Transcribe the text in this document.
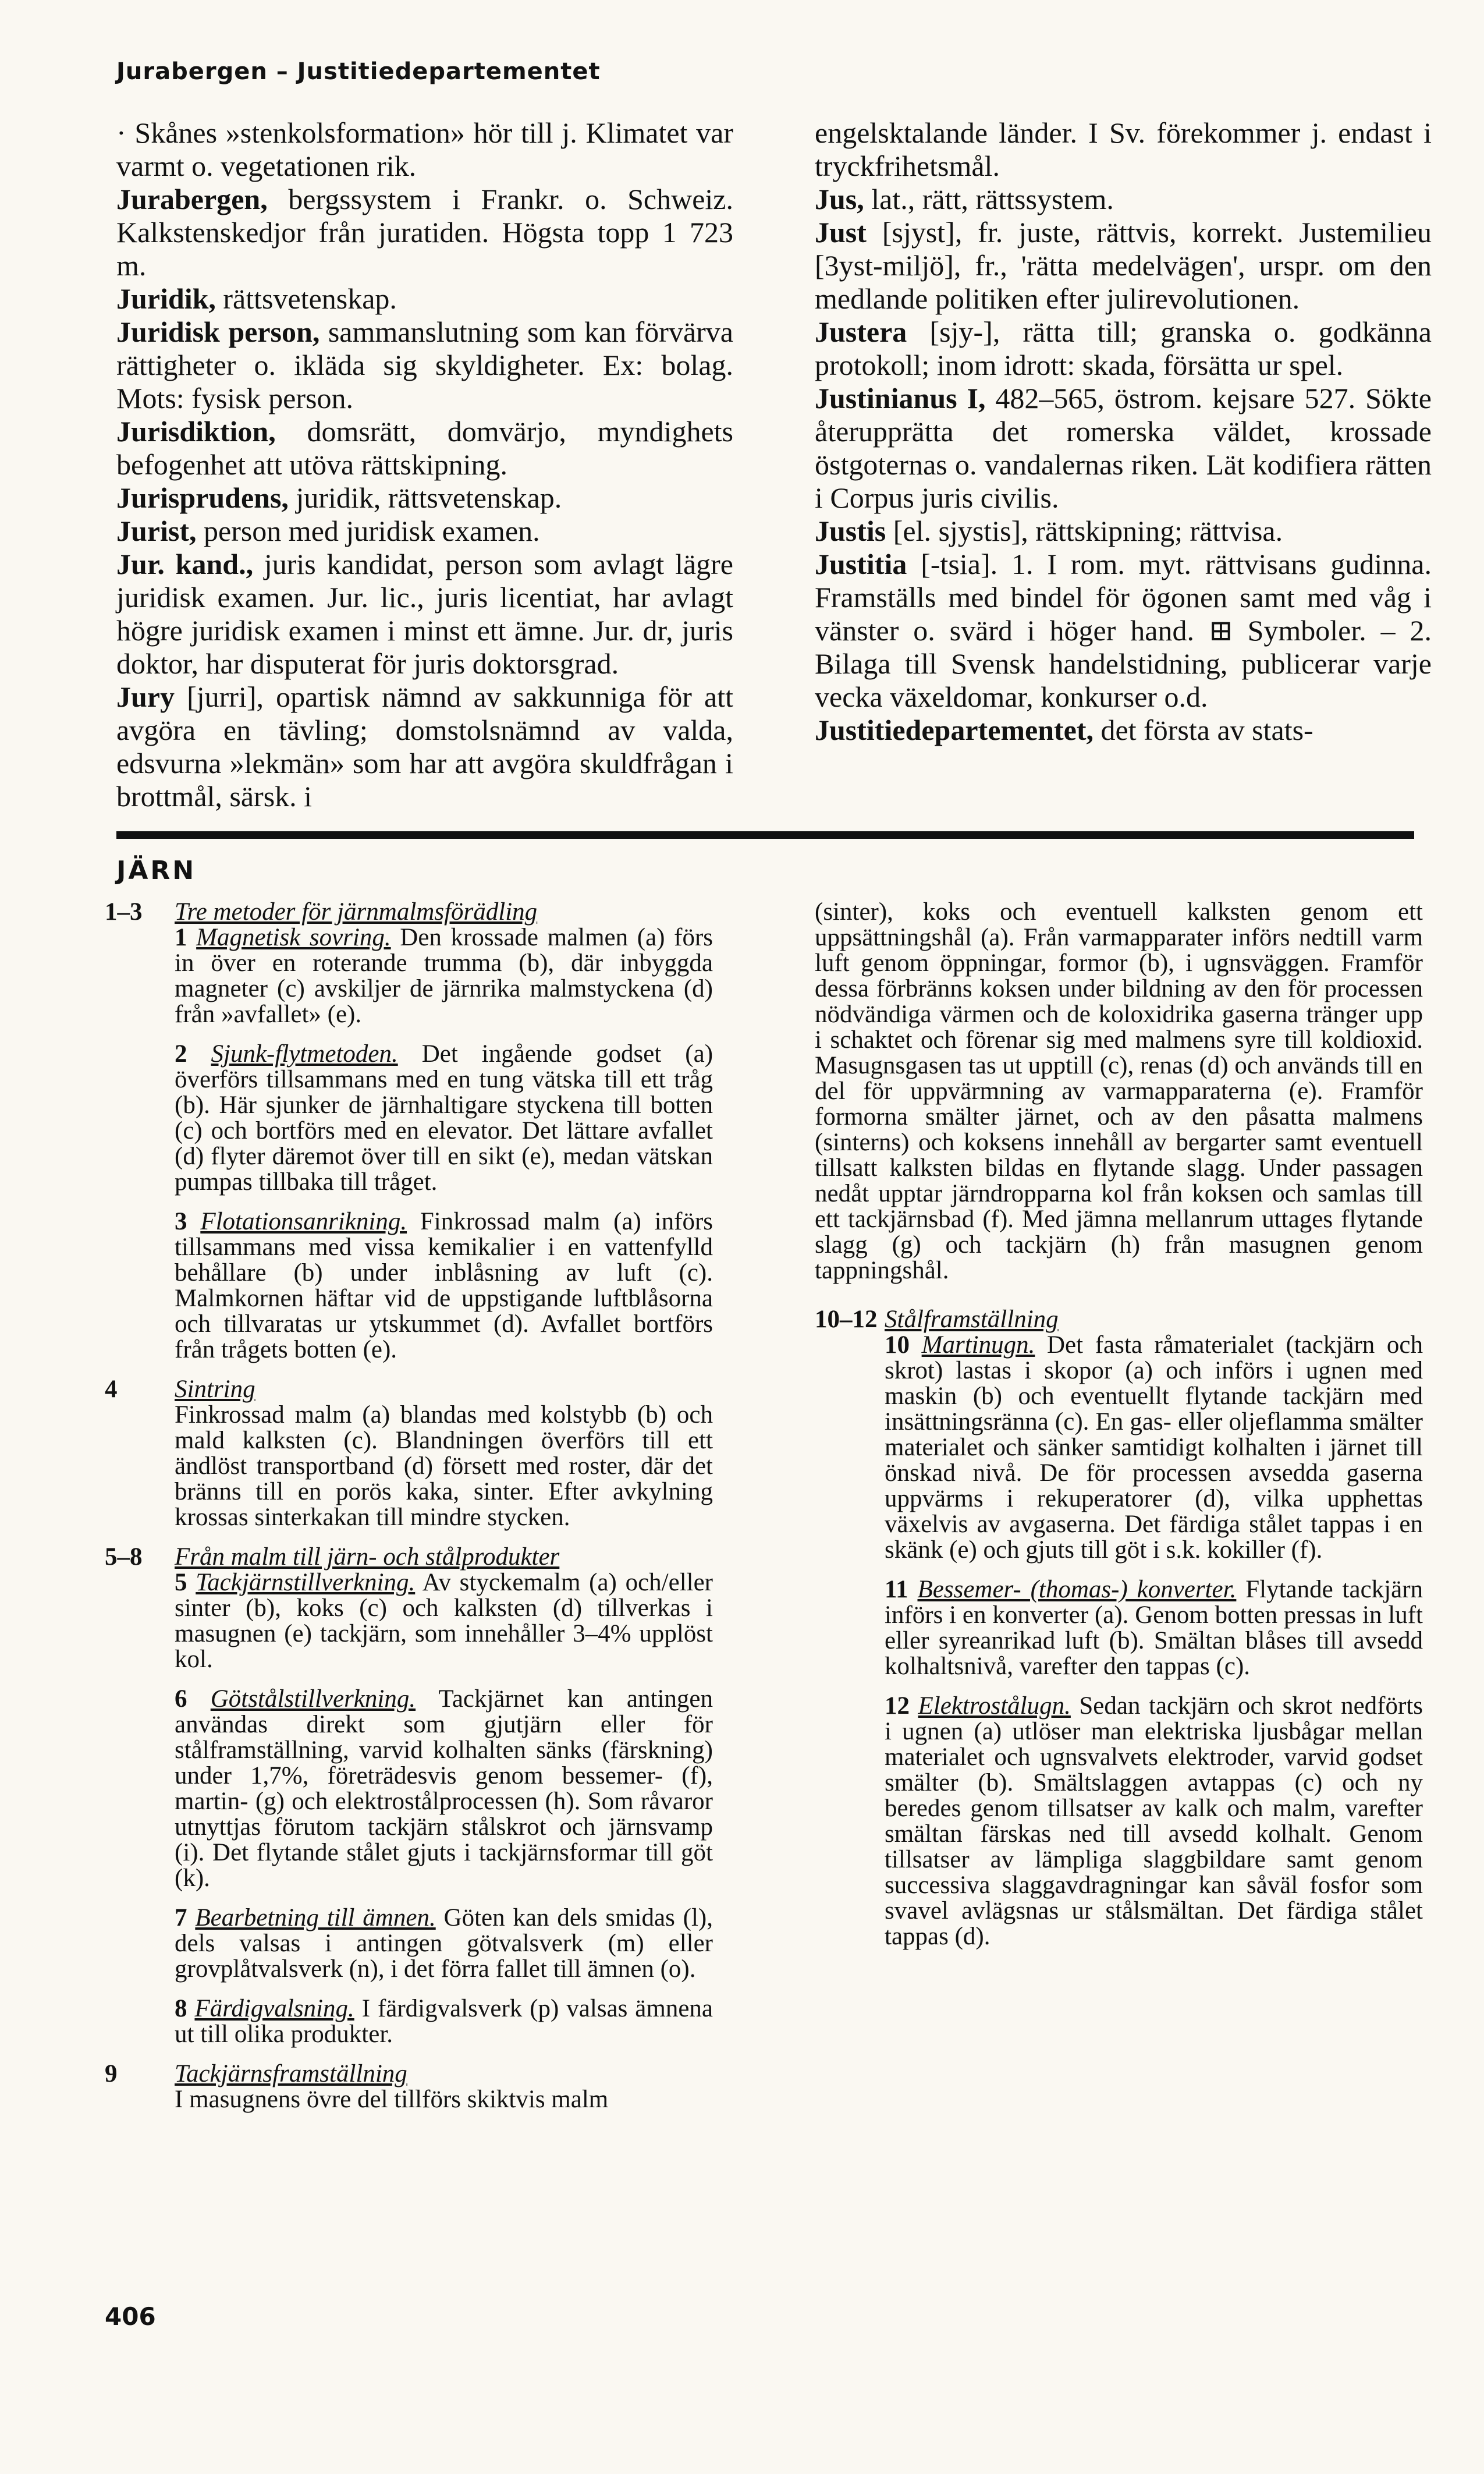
Jurabergen – Justitiedepartementet

· Skånes »stenkolsformation» hör till j. Klimatet var varmt o. vegetationen rik.

Jurabergen, bergssystem i Frankr. o. Schweiz. Kalkstenskedjor från juratiden. Högsta topp 1 723 m.

Juridik, rättsvetenskap.

Juridisk person, sammanslutning som kan förvärva rättigheter o. ikläda sig skyldigheter. Ex: bolag. Mots: fysisk person.

Jurisdiktion, domsrätt, domvärjo, myndighets befogenhet att utöva rättskipning.

Jurisprudens, juridik, rättsvetenskap.

Jurist, person med juridisk examen.

Jur. kand., juris kandidat, person som avlagt lägre juridisk examen. Jur. lic., juris licentiat, har avlagt högre juridisk examen i minst ett ämne. Jur. dr, juris doktor, har disputerat för juris doktorsgrad.

Jury [jurri], opartisk nämnd av sakkunniga för att avgöra en tävling; domstolsnämnd av valda, edsvurna »lekmän» som har att avgöra skuldfrågan i brottmål, särsk. i

engelsktalande länder. I Sv. förekommer j. endast i tryckfrihetsmål.

Jus, lat., rätt, rättssystem.

Just [sjyst], fr. juste, rättvis, korrekt. Justemilieu [3yst-miljö], fr., 'rätta medelvägen', urspr. om den medlande politiken efter julirevolutionen.

Justera [sjy-], rätta till; granska o. godkänna protokoll; inom idrott: skada, försätta ur spel.

Justinianus I, 482–565, östrom. kejsare 527. Sökte återupprätta det romerska väldet, krossade östgoternas o. vandalernas riken. Lät kodifiera rätten i Corpus juris civilis.

Justis [el. sjystis], rättskipning; rättvisa.

Justitia [-tsia]. 1. I rom. myt. rättvisans gudinna. Framställs med bindel för ögonen samt med våg i vänster o. svärd i höger hand. ⊞ Symboler. – 2. Bilaga till Svensk handelstidning, publicerar varje vecka växeldomar, konkurser o.d.

Justitiedepartementet, det första av stats-

JÄRN
1–3 Tre metoder för järnmalmsförädling

1 Magnetisk sovring. Den krossade malmen (a) förs in över en roterande trumma (b), där inbyggda magneter (c) avskiljer de järnrika malmstyckena (d) från »avfallet» (e).

2 Sjunk-flytmetoden. Det ingående godset (a) överförs tillsammans med en tung vätska till ett tråg (b). Här sjunker de järnhaltigare styckena till botten (c) och bortförs med en elevator. Det lättare avfallet (d) flyter däremot över till en sikt (e), medan vätskan pumpas tillbaka till tråget.

3 Flotationsanrikning. Finkrossad malm (a) införs tillsammans med vissa kemikalier i en vattenfylld behållare (b) under inblåsning av luft (c). Malmkornen häftar vid de uppstigande luftblåsorna och tillvaratas ur ytskummet (d). Avfallet bortförs från trågets botten (e).

4 Sintring

Finkrossad malm (a) blandas med kolstybb (b) och mald kalksten (c). Blandningen överförs till ett ändlöst transportband (d) försett med roster, där det bränns till en porös kaka, sinter. Efter avkylning krossas sinterkakan till mindre stycken.

5–8 Från malm till järn- och stålprodukter

5 Tackjärnstillverkning. Av styckemalm (a) och/eller sinter (b), koks (c) och kalksten (d) tillverkas i masugnen (e) tackjärn, som innehåller 3–4% upplöst kol.

6 Götstålstillverkning. Tackjärnet kan antingen användas direkt som gjutjärn eller för stålframställning, varvid kolhalten sänks (färskning) under 1,7%, företrädesvis genom bessemer- (f), martin- (g) och elektrostålprocessen (h). Som råvaror utnyttjas förutom tackjärn stålskrot och järnsvamp (i). Det flytande stålet gjuts i tackjärnsformar till göt (k).

7 Bearbetning till ämnen. Göten kan dels smidas (l), dels valsas i antingen götvalsverk (m) eller grovplåtvalsverk (n), i det förra fallet till ämnen (o).

8 Färdigvalsning. I färdigvalsverk (p) valsas ämnena ut till olika produkter.

9 Tackjärnsframställning

I masugnens övre del tillförs skiktvis malm

(sinter), koks och eventuell kalksten genom ett uppsättningshål (a). Från varmapparater införs nedtill varm luft genom öppningar, formor (b), i ugnsväggen. Framför dessa förbränns koksen under bildning av den för processen nödvändiga värmen och de koloxidrika gaserna tränger upp i schaktet och förenar sig med malmens syre till koldioxid. Masugnsgasen tas ut upptill (c), renas (d) och används till en del för uppvärmning av varmapparaterna (e). Framför formorna smälter järnet, och av den påsatta malmens (sinterns) och koksens innehåll av bergarter samt eventuell tillsatt kalksten bildas en flytande slagg. Under passagen nedåt upptar järndropparna kol från koksen och samlas till ett tackjärnsbad (f). Med jämna mellanrum uttages flytande slagg (g) och tackjärn (h) från masugnen genom tappningshål.

10–12 Stålframställning

10 Martinugn. Det fasta råmaterialet (tackjärn och skrot) lastas i skopor (a) och införs i ugnen med maskin (b) och eventuellt flytande tackjärn med insättningsränna (c). En gas- eller oljeflamma smälter materialet och sänker samtidigt kolhalten i järnet till önskad nivå. De för processen avsedda gaserna uppvärms i rekuperatorer (d), vilka upphettas växelvis av avgaserna. Det färdiga stålet tappas i en skänk (e) och gjuts till göt i s.k. kokiller (f).

11 Bessemer- (thomas-) konverter. Flytande tackjärn införs i en konverter (a). Genom botten pressas in luft eller syreanrikad luft (b). Smältan blåses till avsedd kolhaltsnivå, varefter den tappas (c).

12 Elektrostålugn. Sedan tackjärn och skrot nedförts i ugnen (a) utlöser man elektriska ljusbågar mellan materialet och ugnsvalvets elektroder, varvid godset smälter (b). Smältslaggen avtappas (c) och ny beredes genom tillsatser av kalk och malm, varefter smältan färskas ned till avsedd kolhalt. Genom tillsatser av lämpliga slaggbildare samt genom successiva slaggavdragningar kan såväl fosfor som svavel avlägsnas ur stålsmältan. Det färdiga stålet tappas (d).

406
